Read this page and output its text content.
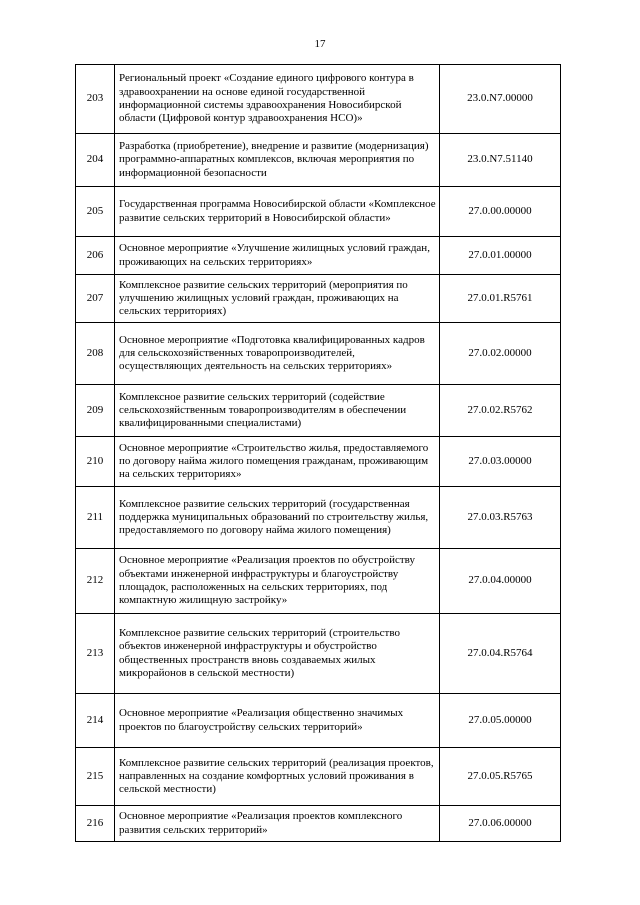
17
203	Региональный проект «Создание единого цифрового контура в здравоохранении на основе единой государственной информационной системы здравоохранения Новосибирской области (Цифровой контур здравоохранения НСО)»	23.0.N7.00000
204	Разработка (приобретение), внедрение и развитие (модернизация) программно-аппаратных комплексов, включая мероприятия по информационной безопасности	23.0.N7.51140
205	Государственная программа Новосибирской области «Комплексное развитие сельских территорий в Новосибирской области»	27.0.00.00000
206	Основное мероприятие «Улучшение жилищных условий граждан, проживающих на сельских территориях»	27.0.01.00000
207	Комплексное развитие сельских территорий (мероприятия по улучшению жилищных условий граждан, проживающих на сельских территориях)	27.0.01.R5761
208	Основное мероприятие «Подготовка квалифицированных кадров для сельскохозяйственных товаропроизводителей, осуществляющих деятельность на сельских территориях»	27.0.02.00000
209	Комплексное развитие сельских территорий (содействие сельскохозяйственным товаропроизводителям в обеспечении квалифицированными специалистами)	27.0.02.R5762
210	Основное мероприятие «Строительство жилья, предоставляемого по договору найма жилого помещения гражданам, проживающим на сельских территориях»	27.0.03.00000
211	Комплексное развитие сельских территорий (государственная поддержка муниципальных образований по строительству жилья, предоставляемого по договору найма жилого помещения)	27.0.03.R5763
212	Основное мероприятие «Реализация проектов по обустройству объектами инженерной инфраструктуры и благоустройству площадок, расположенных на сельских территориях, под компактную жилищную застройку»	27.0.04.00000
213	Комплексное развитие сельских территорий (строительство объектов инженерной инфраструктуры и обустройство общественных пространств вновь создаваемых жилых микрорайонов в сельской местности)	27.0.04.R5764
214	Основное мероприятие «Реализация общественно значимых проектов по благоустройству сельских территорий»	27.0.05.00000
215	Комплексное развитие сельских территорий (реализация проектов, направленных на создание комфортных условий проживания в сельской местности)	27.0.05.R5765
216	Основное мероприятие «Реализация проектов комплексного развития сельских территорий»	27.0.06.00000
